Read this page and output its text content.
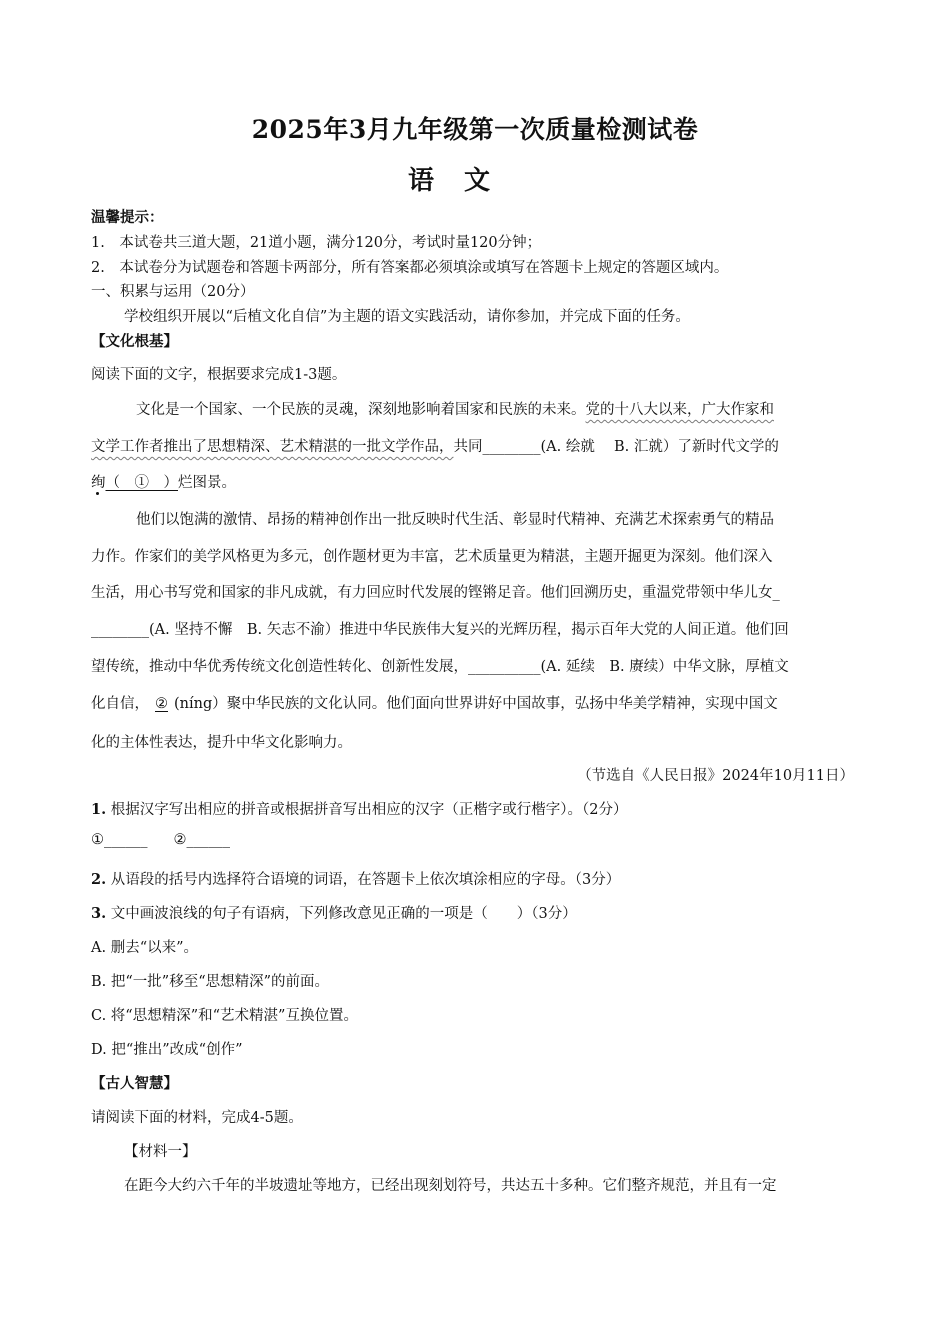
2025年3月九年级第一次质量检测试卷
语　文
温馨提示：
1.　本试卷共三道大题，21道小题，满分120分，考试时量120分钟；
2.　本试卷分为试题卷和答题卡两部分，所有答案都必须填涂或填写在答题卡上规定的答题区域内。
一、积累与运用（20分）
学校组织开展以“后植文化自信”为主题的语文实践活动，请你参加，并完成下面的任务。
【文化根基】
阅读下面的文字，根据要求完成1-3题。
文化是一个国家、一个民族的灵魂，深刻地影响着国家和民族的未来。党的十八大以来，广大作家和
文学工作者推出了思想精深、艺术精湛的一批文学作品，共同________(A. 绘就　 B. 汇就）了新时代文学的
绚（　①　）烂图景。
他们以饱满的激情、昂扬的精神创作出一批反映时代生活、彰显时代精神、充满艺术探索勇气的精品
力作。作家们的美学风格更为多元，创作题材更为丰富，艺术质量更为精湛，主题开掘更为深刻。他们深入
生活，用心书写党和国家的非凡成就，有力回应时代发展的铿锵足音。他们回溯历史，重温党带领中华儿女_
________(A. 坚持不懈　B. 矢志不渝）推进中华民族伟大复兴的光辉历程，揭示百年大党的人间正道。他们回
望传统，推动中华优秀传统文化创造性转化、创新性发展，__________(A. 延续　B. 赓续）中华文脉，厚植文
化自信， ② (níng）聚中华民族的文化认同。他们面向世界讲好中国故事，弘扬中华美学精神，实现中国文
化的主体性表达，提升中华文化影响力。
（节选自《人民日报》2024年10月11日）
1. 根据汉字写出相应的拼音或根据拼音写出相应的汉字（正楷字或行楷字）。（2分）
①______ ②______
2. 从语段的括号内选择符合语境的词语，在答题卡上依次填涂相应的字母。（3分）
3. 文中画波浪线的句子有语病，下列修改意见正确的一项是（　　）（3分）
A. 删去“以来”。
B. 把“一批”移至“思想精深”的前面。
C. 将“思想精深”和“艺术精湛”互换位置。
D. 把“推出”改成“创作”
【古人智慧】
请阅读下面的材料，完成4-5题。
【材料一】
在距今大约六千年的半坡遗址等地方，已经出现刻划符号，共达五十多种。它们整齐规范，并且有一定
